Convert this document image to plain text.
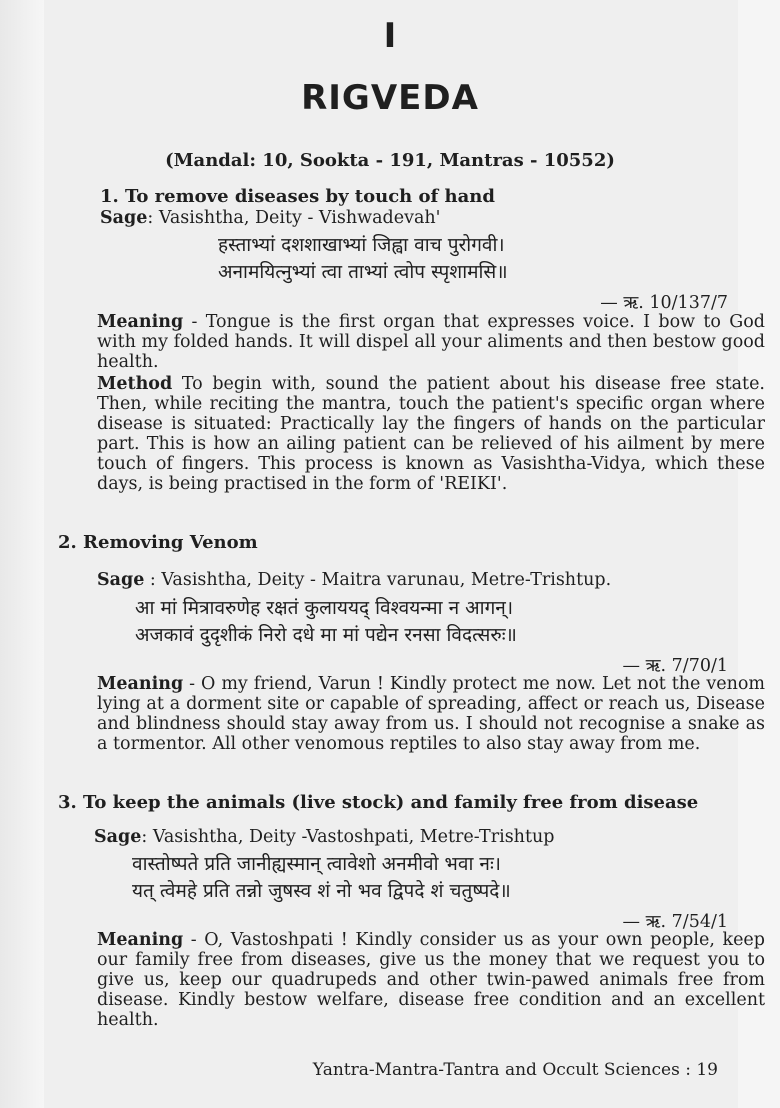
I
RIGVEDA
(Mandal: 10, Sookta - 191, Mantras - 10552)
1. To remove diseases by touch of hand
Sage: Vasishtha, Deity - Vishwadevah'
हस्ताभ्यां दशशाखाभ्यां जिह्वा वाच पुरोगवी।
अनामयित्नुभ्यां त्वा ताभ्यां त्वोप स्पृशामसि॥
— ऋ. 10/137/7
Meaning - Tongue is the first organ that expresses voice. I bow to God with my folded hands. It will dispel all your aliments and then bestow good health.
Method To begin with, sound the patient about his disease free state. Then, while reciting the mantra, touch the patient's specific organ where disease is situated: Practically lay the fingers of hands on the particular part. This is how an ailing patient can be relieved of his ailment by mere touch of fingers. This process is known as Vasishtha-Vidya, which these days, is being practised in the form of 'REIKI'.
2. Removing Venom
Sage : Vasishtha, Deity - Maitra varunau, Metre-Trishtup.
आ मां मित्रावरुणेह रक्षतं कुलाययद् विश्वयन्मा न आगन्।
अजकावं दुदृशीकं निरो दधे मा मां पद्येन रनसा विदत्सरुः॥
— ऋ. 7/70/1
Meaning - O my friend, Varun ! Kindly protect me now. Let not the venom lying at a dorment site or capable of spreading, affect or reach us, Disease and blindness should stay away from us. I should not recognise a snake as a tormentor. All other venomous reptiles to also stay away from me.
3. To keep the animals (live stock) and family free from disease
Sage: Vasishtha, Deity -Vastoshpati, Metre-Trishtup
वास्तोष्पते प्रति जानीह्यस्मान् त्वावेशो अनमीवो भवा नः।
यत् त्वेमहे प्रति तन्नो जुषस्व शं नो भव द्विपदे शं चतुष्पदे॥
— ऋ. 7/54/1
Meaning - O, Vastoshpati ! Kindly consider us as your own people, keep our family free from diseases, give us the money that we request you to give us, keep our quadrupeds and other twin-pawed animals free from disease. Kindly bestow welfare, disease free condition and an excellent health.
Yantra-Mantra-Tantra and Occult Sciences : 19
